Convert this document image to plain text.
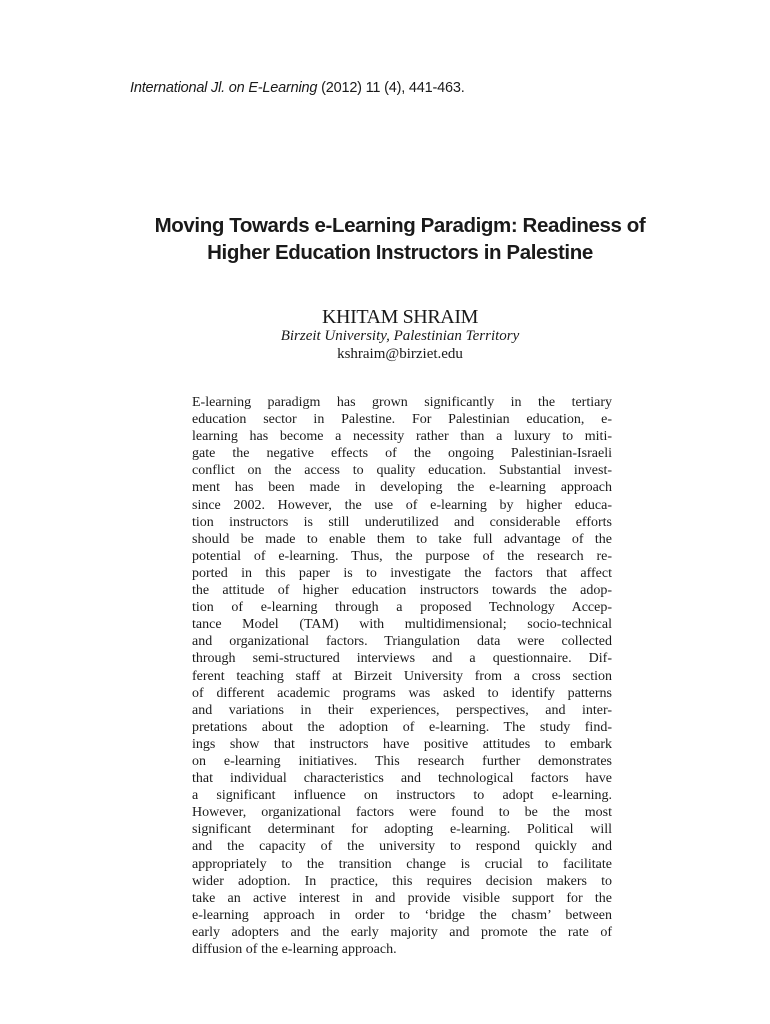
International Jl. on E-Learning (2012) 11 (4), 441-463.
Moving Towards e-Learning Paradigm: Readiness of
Higher Education Instructors in Palestine
KHITAM SHRAIM
Birzeit University, Palestinian Territory
kshraim@birziet.edu
E-learning paradigm has grown significantly in the tertiary
education sector in Palestine. For Palestinian education, e-
learning has become a necessity rather than a luxury to miti-
gate the negative effects of the ongoing Palestinian-Israeli
conflict on the access to quality education. Substantial invest-
ment has been made in developing the e-learning approach
since 2002. However, the use of e-learning by higher educa-
tion instructors is still underutilized and considerable efforts
should be made to enable them to take full advantage of the
potential of e-learning. Thus, the purpose of the research re-
ported in this paper is to investigate the factors that affect
the attitude of higher education instructors towards the adop-
tion of e-learning through a proposed Technology Accep-
tance Model (TAM) with multidimensional; socio-technical
and organizational factors. Triangulation data were collected
through semi-structured interviews and a questionnaire. Dif-
ferent teaching staff at Birzeit University from a cross section
of different academic programs was asked to identify patterns
and variations in their experiences, perspectives, and inter-
pretations about the adoption of e-learning. The study find-
ings show that instructors have positive attitudes to embark
on e-learning initiatives. This research further demonstrates
that individual characteristics and technological factors have
a significant influence on instructors to adopt e-learning.
However, organizational factors were found to be the most
significant determinant for adopting e-learning. Political will
and the capacity of the university to respond quickly and
appropriately to the transition change is crucial to facilitate
wider adoption. In practice, this requires decision makers to
take an active interest in and provide visible support for the
e-learning approach in order to ‘bridge the chasm’ between
early adopters and the early majority and promote the rate of
diffusion of the e-learning approach.
